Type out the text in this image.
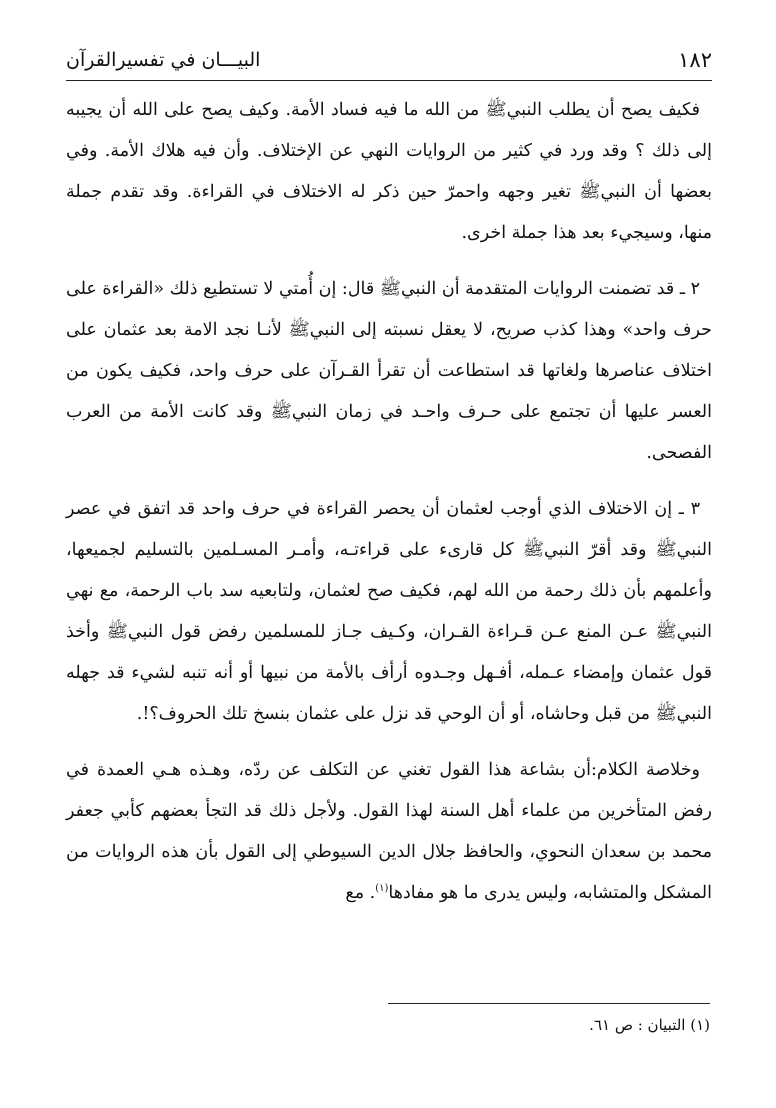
١٨٢
البيـــان في تفسيرالقرآن

فكيف يصح أن يطلب النبيﷺ من الله ما فيه فساد الأمة. وكيف يصح على الله أن يجيبه إلى ذلك ؟ وقد ورد في كثير من الروايات النهي عن الإختلاف. وأن فيه هلاك الأمة. وفي بعضها أن النبيﷺ تغير وجهه واحمرّ حين ذكر له الاختلاف في القراءة. وقد تقدم جملة منها، وسيجيء بعد هذا جملة اخرى.

٢ ـ قد تضمنت الروايات المتقدمة أن النبيﷺ قال: إن أُمتي لا تستطيع ذلك «القراءة على حرف واحد» وهذا كذب صريح، لا يعقل نسبته إلى النبيﷺ لأنـا نجد الامة بعد عثمان على اختلاف عناصرها ولغاتها قد استطاعت أن تقرأ القـرآن على حرف واحد، فكيف يكون من العسر عليها أن تجتمع على حـرف واحـد في زمان النبيﷺ وقد كانت الأمة من العرب الفصحى.

٣ ـ إن الاختلاف الذي أوجب لعثمان أن يحصر القراءة في حرف واحد قد اتفق في عصر النبيﷺ وقد أقرّ النبيﷺ كل قارىء على قراءتـه، وأمـر المسـلمين بالتسليم لجميعها، وأعلمهم بأن ذلك رحمة من الله لهم، فكيف صح لعثمان، ولتابعيه سد باب الرحمة، مع نهي النبيﷺ عـن المنع عـن قـراءة القـران، وكـيف جـاز للمسلمين رفض قول النبيﷺ وأخذ قول عثمان وإمضاء عـمله، أفـهل وجـدوه أرأف بالأمة من نبيها أو أنه تنبه لشيء قد جهله النبيﷺ من قبل وحاشاه، أو أن الوحي قد نزل على عثمان بنسخ تلك الحروف؟!.

وخلاصة الكلام:أن بشاعة هذا القول تغني عن التكلف عن ردّه، وهـذه هـي العمدة في رفض المتأخرين من علماء أهل السنة لهذا القول. ولأجل ذلك قد التجأ بعضهم كأبي جعفر محمد بن سعدان النحوي، والحافظ جلال الدين السيوطي إلى القول بأن هذه الروايات من المشكل والمتشابه، وليس يدرى ما هو مفادها$^{(١)}$. مع

(١) التبيان : ص ٦١.
